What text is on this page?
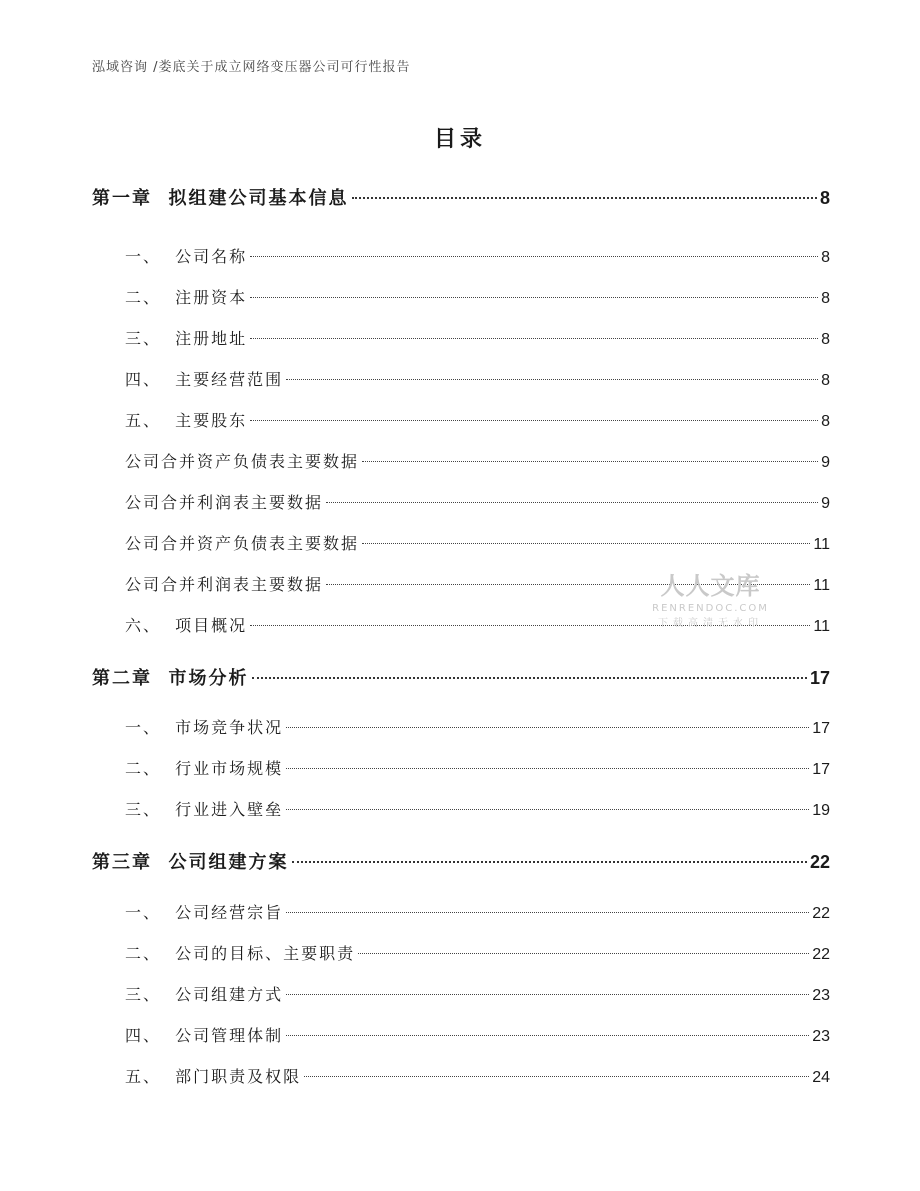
泓域咨询 /娄底关于成立网络变压器公司可行性报告
目录
第一章  拟组建公司基本信息	8
一、  公司名称	8
二、  注册资本	8
三、  注册地址	8
四、  主要经营范围	8
五、  主要股东	8
公司合并资产负债表主要数据	9
公司合并利润表主要数据	9
公司合并资产负债表主要数据	11
公司合并利润表主要数据	11
六、  项目概况	11
第二章  市场分析	17
一、  市场竞争状况	17
二、  行业市场规模	17
三、  行业进入壁垒	19
第三章  公司组建方案	22
一、  公司经营宗旨	22
二、  公司的目标、主要职责	22
三、  公司组建方式	23
四、  公司管理体制	23
五、  部门职责及权限	24
人人文库
RENRENDOC.COM
下载高清无水印
